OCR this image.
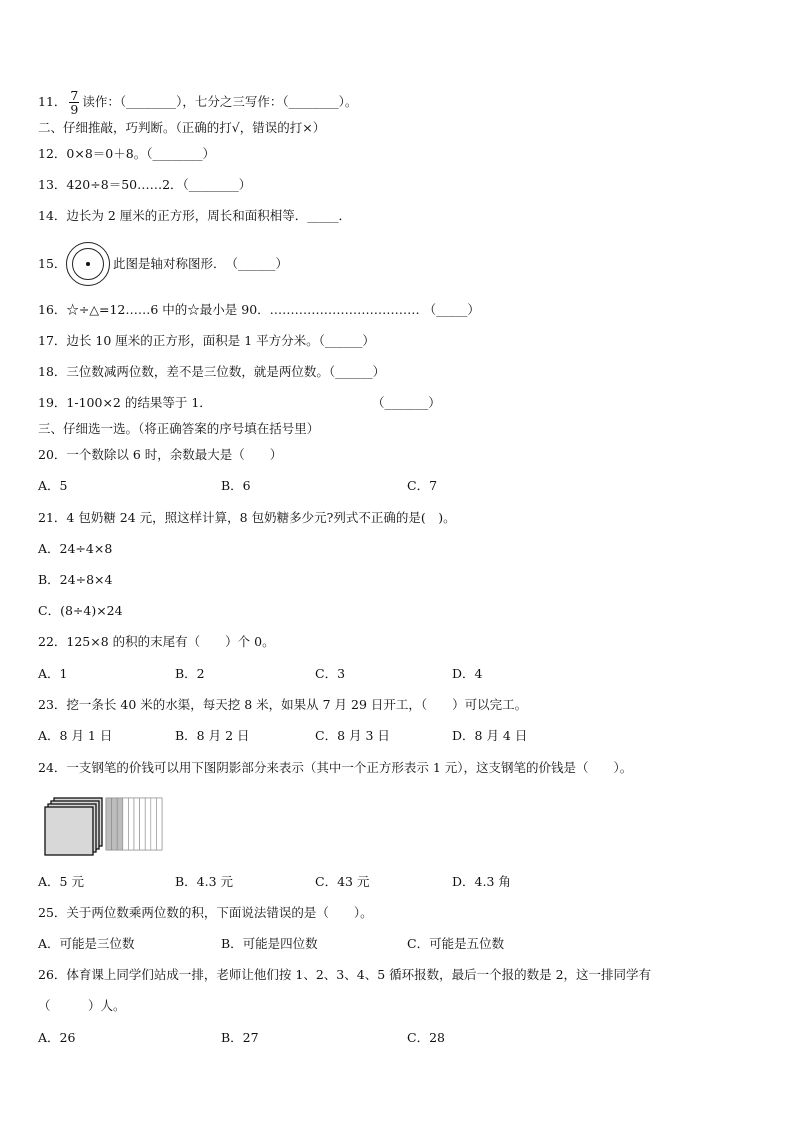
11． $\frac{7}{9}$ 读作：（________），七分之三写作：（________）。
二、仔细推敲，巧判断。（正确的打√，错误的打×）
12．0×8＝0＋8。（________）
13．420÷8＝50……2．（________）
14．边长为 2 厘米的正方形，周长和面积相等．_____．
15．	此图是轴对称图形．　（______）
16．☆÷△=12……6 中的☆最小是 90．……………………………… （_____）
17．边长 10 厘米的正方形，面积是 1 平方分米。（______）
18．三位数减两位数，差不是三位数，就是两位数。（______）
19．1-100×2 的结果等于 1．	（_______）
三、仔细选一选。（将正确答案的序号填在括号里）
20．一个数除以 6 时，余数最大是（　　）
A．5	B．6	C．7
21．4 包奶糖 24 元，照这样计算，8 包奶糖多少元?列式不正确的是(　)。
A．24÷4×8
B．24÷8×4
C．(8÷4)×24
22．125×8 的积的末尾有（　　）个 0。
A．1	B．2	C．3	D．4
23．挖一条长 40 米的水渠，每天挖 8 米，如果从 7 月 29 日开工，（　　）可以完工。
A．8 月 1 日	B．8 月 2 日	C．8 月 3 日	D．8 月 4 日
24．一支钢笔的价钱可以用下图阴影部分来表示（其中一个正方形表示 1 元），这支钢笔的价钱是（　　）。
A．5 元	B．4.3 元	C．43 元	D．4.3 角
25．关于两位数乘两位数的积，下面说法错误的是（　　）。
A．可能是三位数	B．可能是四位数	C．可能是五位数
26．体育课上同学们站成一排，老师让他们按 1、2、3、4、5 循环报数，最后一个报的数是 2，这一排同学有
（　　　）人。
A．26	B．27	C．28
